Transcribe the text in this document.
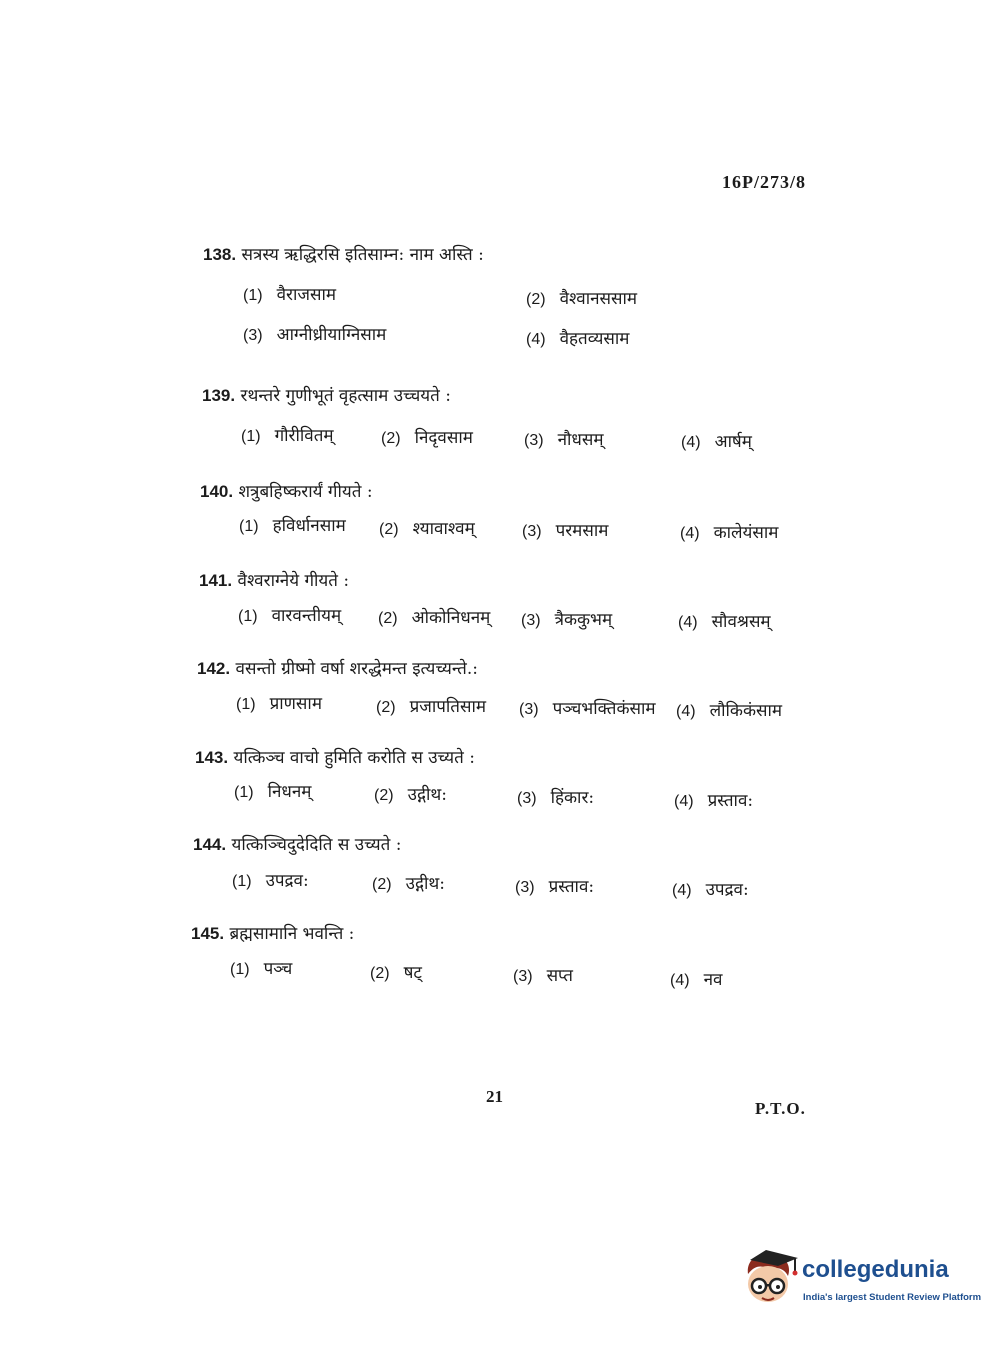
16P/273/8
138. सत्रस्य ऋद्धिरसि इतिसाम्न: नाम अस्ति :
(1) वैराजसाम	(2) वैश्वानससाम
(3) आग्नीध्रीयाग्निसाम	(4) वैहतव्यसाम
139. रथन्तरे गुणीभूतं वृहत्साम उच्चयते :
(1) गौरीवितम्	(2) निदृवसाम	(3) नौधसम्	(4) आर्षम्
140. शत्रुबहिष्करार्यं गीयते :
(1) हविर्धानसाम (2) श्यावाश्वम्	(3) परमसाम	(4) कालेयंसाम
141. वैश्वराग्नेये गीयते :
(1) वारवन्तीयम् (2) ओकोनिधनम् (3) त्रैककुभम्	(4) सौवश्रसम्
142. वसन्तो ग्रीष्मो वर्षा शरद्धेमन्त इत्यच्यन्ते.:
(1) प्राणसाम	(2) प्रजापतिसाम (3) पञ्चभक्तिकंसाम (4) लौकिकंसाम
143. यत्किञ्च वाचो हुमिति करोति स उच्यते :
(1) निधनम्	(2) उद्गीथ:	(3) हिंकार:	(4) प्रस्ताव:
144. यत्किञ्चिदुदेदिति स उच्यते :
(1) उपद्रव:	(2) उद्गीथ:	(3) प्रस्ताव:	(4) उपद्रव:
145. ब्रह्मसामानि भवन्ति :
(1) पञ्च	(2) षट्	(3) सप्त	(4) नव
21
P.T.O.
collegedunia
India's largest Student Review Platform
